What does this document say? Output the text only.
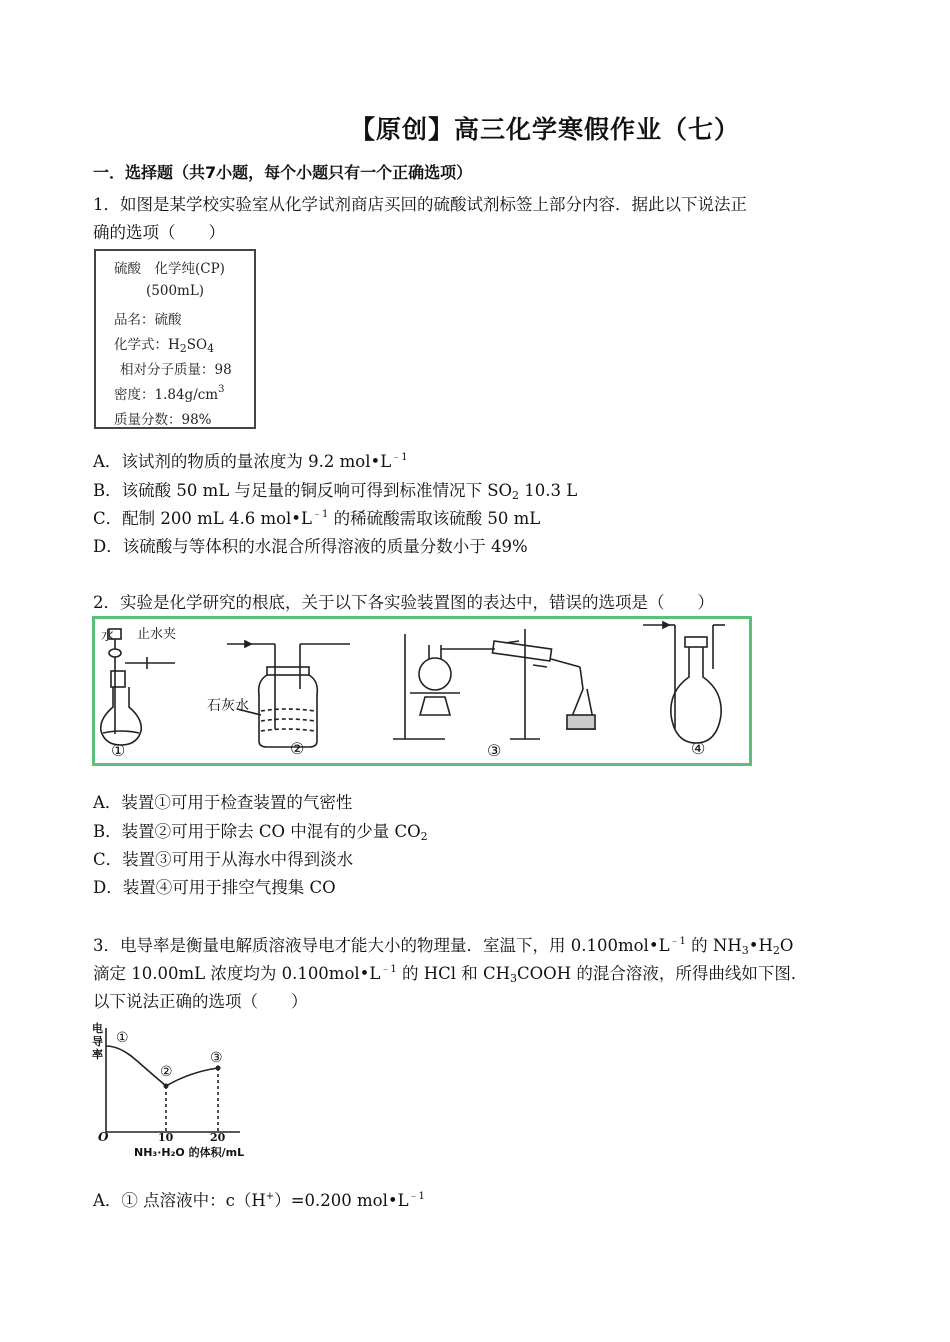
【原创】高三化学寒假作业（七）
一．选择题（共7小题，每个小题只有一个正确选项）
1．如图是某学校实验室从化学试剂商店买回的硫酸试剂标签上部分内容．据此以下说法正
确的选项（　　）
硫酸　化学纯(CP)
(500mL)
品名：硫酸
化学式：$H_2SO_4$
相对分子质量：98
密度：$1.84g/cm^3$
质量分数：98%
A．该试剂的物质的量浓度为 9.2 $mol•L^{﹣1}$
B．该硫酸 50 mL 与足量的铜反响可得到标准情况下 $SO_2$ 10.3 L
C．配制 200 mL 4.6 $mol•L^{﹣1}$ 的稀硫酸需取该硫酸 50 mL
D．该硫酸与等体积的水混合所得溶液的质量分数小于 49%
2．实验是化学研究的根底，关于以下各实验装置图的表达中，错误的选项是（　　）
水 止水夹
石灰水
①	②	③	④
A．装置①可用于检查装置的气密性
B．装置②可用于除去 CO 中混有的少量 $CO_2$
C．装置③可用于从海水中得到淡水
D．装置④可用于排空气搜集 CO
3．电导率是衡量电解质溶液导电才能大小的物理量．室温下，用 $0.100mol•L^{﹣1}$ 的 $NH_3•H_2O$
滴定 10.00mL 浓度均为 $0.100mol•L^{﹣1}$ 的 HCl 和 $CH_3COOH$ 的混合溶液，所得曲线如下图．
以下说法正确的选项（　　）
电
导
率
①
②
③
O	10	20
NH₃·H₂O 的体积/mL
A．① 点溶液中：c（H+）=0.200 $mol•L^{﹣1}$
